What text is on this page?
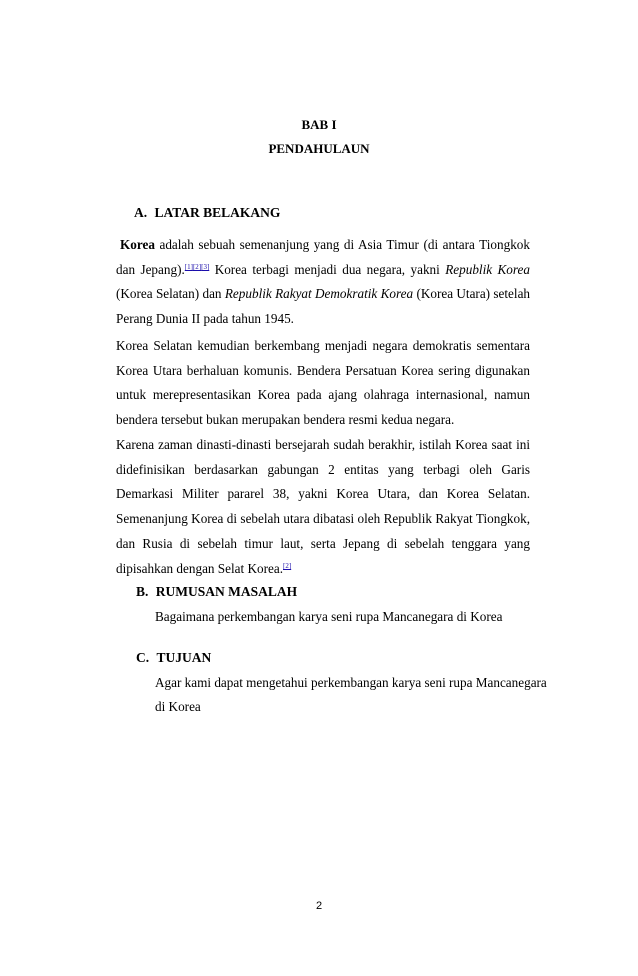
BAB I
PENDAHULAUN
A. LATAR BELAKANG
Korea adalah sebuah semenanjung yang di Asia Timur (di antara Tiongkok dan Jepang).[1][2][3] Korea terbagi menjadi dua negara, yakni Republik Korea (Korea Selatan) dan Republik Rakyat Demokratik Korea (Korea Utara) setelah Perang Dunia II pada tahun 1945.
Korea Selatan kemudian berkembang menjadi negara demokratis sementara Korea Utara berhaluan komunis. Bendera Persatuan Korea sering digunakan untuk merepresentasikan Korea pada ajang olahraga internasional, namun bendera tersebut bukan merupakan bendera resmi kedua negara.
Karena zaman dinasti-dinasti bersejarah sudah berakhir, istilah Korea saat ini didefinisikan berdasarkan gabungan 2 entitas yang terbagi oleh Garis Demarkasi Militer pararel 38, yakni Korea Utara, dan Korea Selatan. Semenanjung Korea di sebelah utara dibatasi oleh Republik Rakyat Tiongkok, dan Rusia di sebelah timur laut, serta Jepang di sebelah tenggara yang dipisahkan dengan Selat Korea.[2]
B. RUMUSAN MASALAH
Bagaimana perkembangan karya seni rupa Mancanegara di Korea
C. TUJUAN
Agar kami dapat mengetahui perkembangan karya seni rupa Mancanegara di Korea
2
